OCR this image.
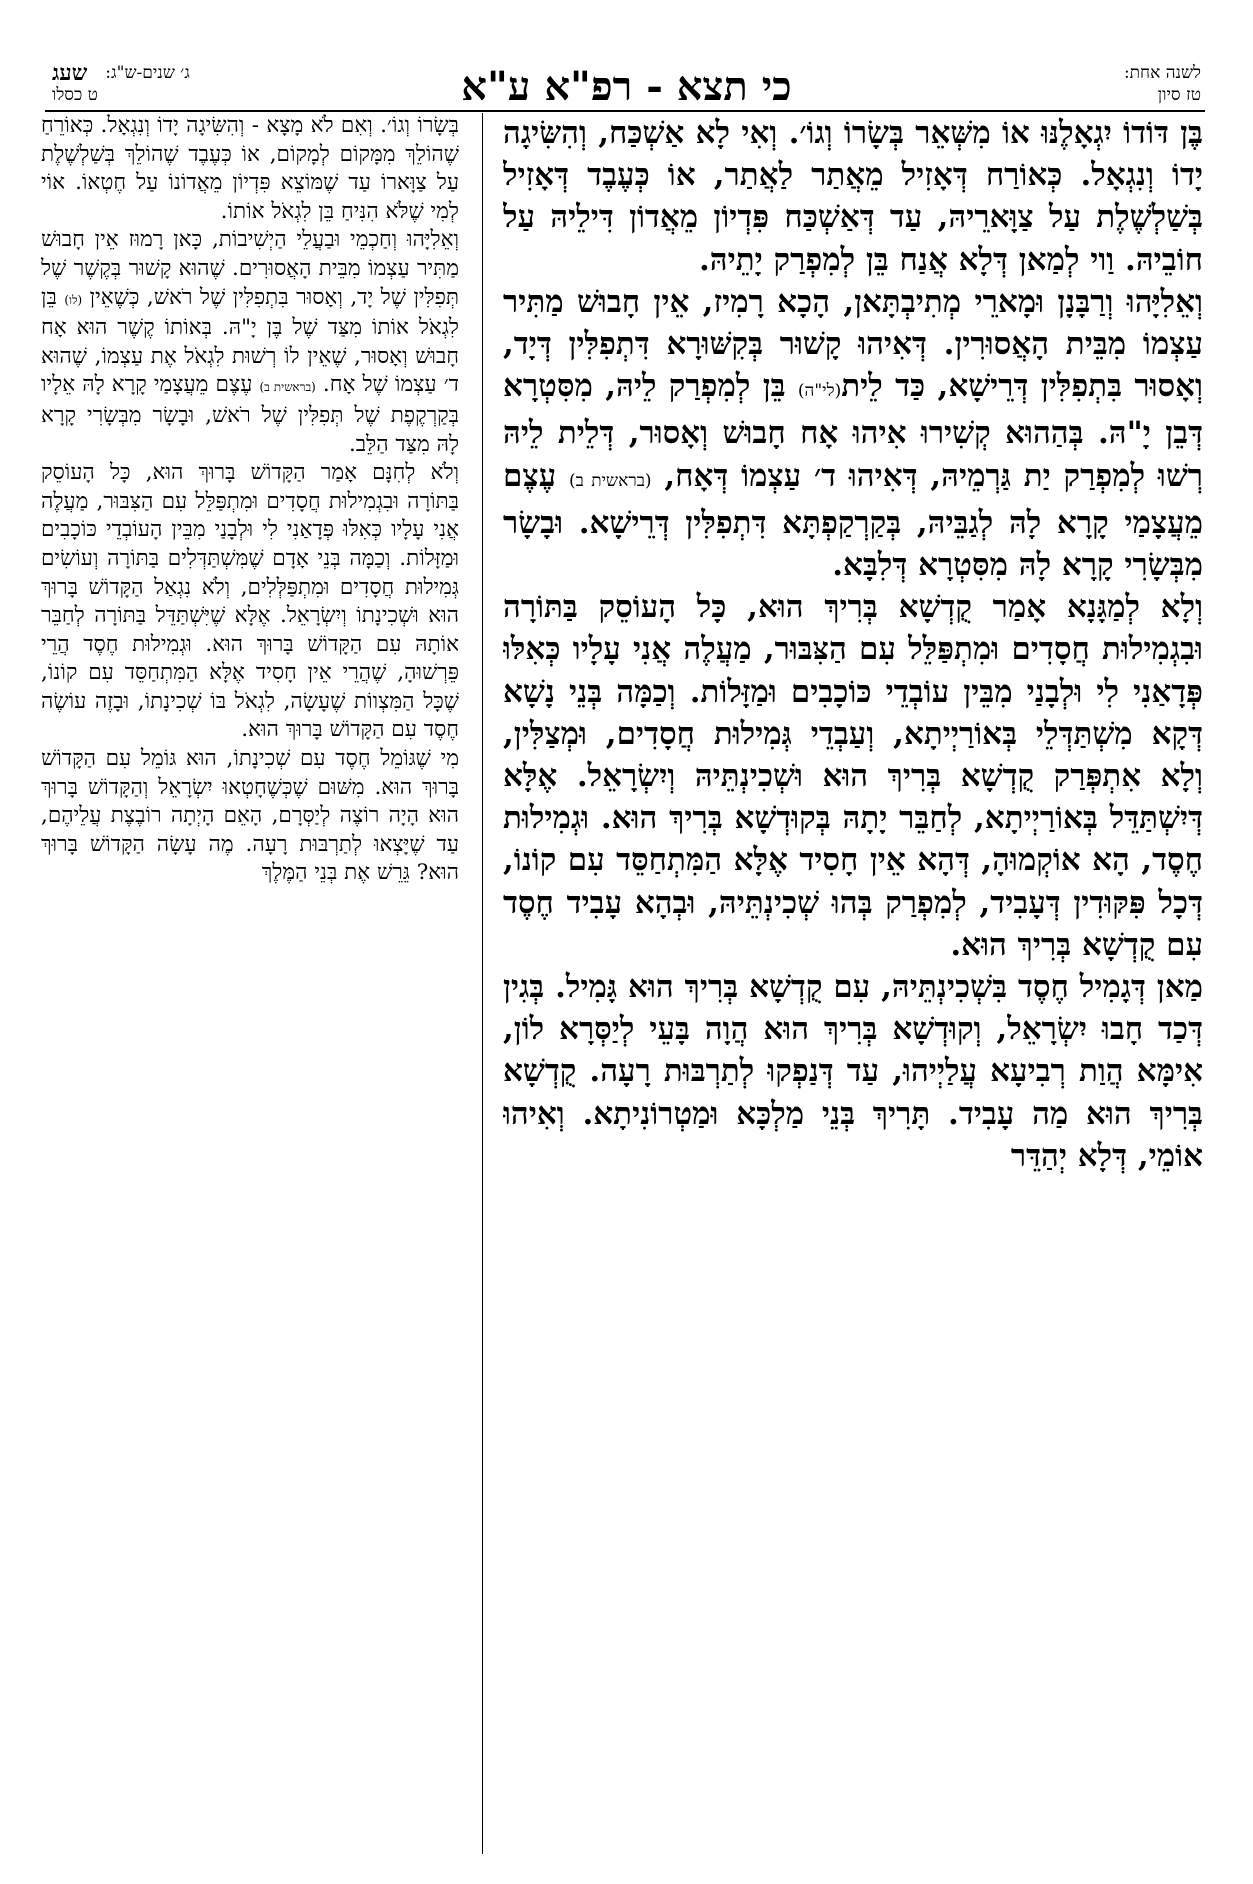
לשנה אחת:
טז סיון
כי תצא - רפ"א ע"א
ג׳ שנים-ש"ג:
שעג
ט כסלו

בֶּן דּוֹדוֹ יִגְאָלֶנּוּ אוֹ מִשְּׁאֵר בְּשָׂרוֹ וְגוֹ׳. וְאִי לָא אַשְׁכַּח, וְהִשִּׂיגָה יָדוֹ וְנִגְאָל. כְּאוֹרַח דְּאָזִיל מֵאֲתַר לַאֲתַר, אוֹ כְּעֶבֶד דְּאָזִיל בְּשַׁלְשֶׁלֶת עַל צַוָּארֵיהּ, עַד דְּאַשְׁכַּח פִּדְיוֹן מֵאֲדוֹן דִּילֵיהּ עַל חוֹבֵיהּ. וַוי לְמַאן דְּלָא אֲנַח בֵּן לְמִפְרַק יָתֵיהּ.

וְאֵלִיָּהוּ וְרַבָּנָן וּמָארֵי מְתִיבְתָּאן, הָכָא רָמִיז, אֵין חָבוּשׁ מַתִּיר עַצְמוֹ מִבֵּית הָאֲסוּרִין. דְּאִיהוּ קָשׁוּר בְּקִשּׁוּרָא דִּתְפִלִּין דְּיָד, וְאָסוּר בִּתְפִלִּין דְּרֵישָׁא, כַּד לֵית(לי"ה) בֵּן לְמִפְרַק לֵיהּ, מִסִּטְרָא דְּבֵן יָ"הּ. בְּהַהוּא קְשִׁירוּ אִיהוּ אָח חָבוּשׁ וְאָסוּר, דְּלֵית לֵיהּ רְשׁוּ לְמִפְרַק יַת גַּרְמֵיהּ, דְּאִיהוּ ד׳ עַצְמוֹ דְּאָח, (בראשית ב) עֶצֶם מֵעֲצָמַי קָרָא לָהּ לְגַבֵּיהּ, בְּקַרְקַפְתָּא דִּתְפִלִּין דְּרֵישָׁא. וּבָשָׂר מִבְּשָׂרִי קָרָא לָהּ מִסִּטְרָא דְּלִבָּא.

וְלָא לְמַגָּנָא אָמַר קֻדְשָׁא בְּרִיךְ הוּא, כָּל הָעוֹסֵק בַּתּוֹרָה וּבִגְמִילוּת חֲסָדִים וּמִתְפַּלֵּל עִם הַצִּבּוּר, מַעֲלֶה אֲנִי עָלָיו כְּאִלּוּ פְּדָאַנִי לִי וּלְבָנַי מִבֵּין עוֹבְדֵי כּוֹכָבִים וּמַזָּלוֹת. וְכַמָּה בְּנֵי נָשָׁא דְּקָא מִשְׁתַּדְּלֵי בְּאוֹרַיְיתָא, וְעַבְדֵי גְּמִילוּת חֲסָדִים, וּמְצַלִּין, וְלָא אִתְפְּרַק קֻדְשָׁא בְּרִיךְ הוּא וּשְׁכִינְתֵּיהּ וְיִשְׂרָאֵל. אֶלָּא דְּיִשְׁתַּדֵּל בְּאוֹרַיְיתָא, לְחַבֵּר יָתָהּ בְּקוּדְשָׁא בְּרִיךְ הוּא. וּגְמִילוּת חֶסֶד, הָא אוֹקְמוּהָ, דְּהָא אֵין חָסִיד אֶלָּא הַמִּתְחַסֵּד עִם קוֹנוֹ, דְּכָל פִּקּוּדִין דְּעָבִיד, לְמִפְרַק בְּהוּ שְׁכִינְתֵּיהּ, וּבְהָא עָבִיד חֶסֶד עִם קֻדְשָׁא בְּרִיךְ הוּא.

מַאן דְּגָמִיל חֶסֶד בִּשְׁכִינְתֵּיהּ, עִם קֻדְשָׁא בְּרִיךְ הוּא גָּמִיל. בְּגִין דְּכַד חָבוּ יִשְׂרָאֵל, וְקוּדְשָׁא בְּרִיךְ הוּא הֲוָה בָּעֵי לְיַסְּרָא לוֹן, אִימָּא הֲוַת רְבִיעָא עֲלַיְיהוּ, עַד דְּנַפְקוּ לְתַרְבּוּת רָעָה. קֻדְשָׁא בְּרִיךְ הוּא מַה עָבִיד. תָּרִיךְ בְּנֵי מַלְכָּא וּמַטְרוֹנִיתָא. וְאִיהוּ אוֹמֵי, דְּלָא יְהַדֵּר

בְּשָׂרוֹ וְגוֹ׳. וְאִם לֹא מָצָא - וְהִשִּׂיגָה יָדוֹ וְנִגְאָל. כְּאוֹרֵחַ שֶׁהוֹלֵךְ מִמָּקוֹם לְמָקוֹם, אוֹ כְּעֶבֶד שֶׁהוֹלֵךְ בְּשַׁלְשֶׁלֶת עַל צַוָּארוֹ עַד שֶׁמּוֹצֵא פִּדְיוֹן מֵאֲדוֹנוֹ עַל חֶטְאוֹ. אוֹי לְמִי שֶׁלֹּא הִנִּיחַ בֵּן לִגְאֹל אוֹתוֹ.

וְאֵלִיָּהוּ וְחַכְמֵי וּבַעֲלֵי הַיְשִׁיבוֹת, כָּאן רָמוּז אֵין חָבוּשׁ מַתִּיר עַצְמוֹ מִבֵּית הָאֲסוּרִים. שֶׁהוּא קָשׁוּר בְּקֶשֶׁר שֶׁל תְּפִלִּין שֶׁל יָד, וְאָסוּר בִּתְפִלִּין שֶׁל רֹאשׁ, כְּשֶׁאֵין (לו) בֵּן לִגְאֹל אוֹתוֹ מִצַּד שֶׁל בֶּן יָ"הּ. בְּאוֹתוֹ קֶשֶׁר הוּא אָח חָבוּשׁ וְאָסוּר, שֶׁאֵין לוֹ רְשׁוּת לִגְאֹל אֶת עַצְמוֹ, שֶׁהוּא ד׳ עַצְמוֹ שֶׁל אָח. (בראשית ב) עֶצֶם מֵעֲצָמַי קָרָא לָהּ אֵלָיו בְּקַרְקֶפֶת שֶׁל תְּפִלִּין שֶׁל רֹאשׁ, וּבָשָׂר מִבְּשָׂרִי קָרָא לָהּ מִצַּד הַלֵּב.

וְלֹא לְחִנָּם אָמַר הַקָּדוֹשׁ בָּרוּךְ הוּא, כָּל הָעוֹסֵק בַּתּוֹרָה וּבִגְמִילוּת חֲסָדִים וּמִתְפַּלֵּל עִם הַצִּבּוּר, מַעֲלֶה אֲנִי עָלָיו כְּאִלּוּ פְּדָאַנִי לִי וּלְבָנַי מִבֵּין הָעוֹבְדֵי כּוֹכָבִים וּמַזָּלוֹת. וְכַמָּה בְּנֵי אָדָם שֶׁמִּשְׁתַּדְּלִים בַּתּוֹרָה וְעוֹשִׂים גְּמִילוּת חֲסָדִים וּמִתְפַּלְּלִים, וְלֹא נִגְאַל הַקָּדוֹשׁ בָּרוּךְ הוּא וּשְׁכִינָתוֹ וְיִשְׂרָאֵל. אֶלָּא שֶׁיִּשְׁתַּדֵּל בַּתּוֹרָה לְחַבֵּר אוֹתָהּ עִם הַקָּדוֹשׁ בָּרוּךְ הוּא. וּגְמִילוּת חֶסֶד הֲרֵי פֵּרְשׁוּהָ, שֶׁהֲרֵי אֵין חָסִיד אֶלָּא הַמִּתְחַסֵּד עִם קוֹנוֹ, שֶׁכָּל הַמִּצְווֹת שֶׁעָשָׂה, לִגְאֹל בּוֹ שְׁכִינָתוֹ, וּבָזֶה עוֹשֶׂה חֶסֶד עִם הַקָּדוֹשׁ בָּרוּךְ הוּא.

מִי שֶׁגּוֹמֵל חֶסֶד עִם שְׁכִינָתוֹ, הוּא גּוֹמֵל עִם הַקָּדוֹשׁ בָּרוּךְ הוּא. מִשּׁוּם שֶׁכְּשֶׁחָטְאוּ יִשְׂרָאֵל וְהַקָּדוֹשׁ בָּרוּךְ הוּא הָיָה רוֹצֶה לְיַסְּרָם, הָאֵם הָיְתָה רוֹבֶצֶת עֲלֵיהֶם, עַד שֶׁיָּצְאוּ לְתַרְבּוּת רָעָה. מֶה עָשָׂה הַקָּדוֹשׁ בָּרוּךְ הוּא? גֵּרֵשׁ אֶת בְּנֵי הַמֶּלֶךְ
